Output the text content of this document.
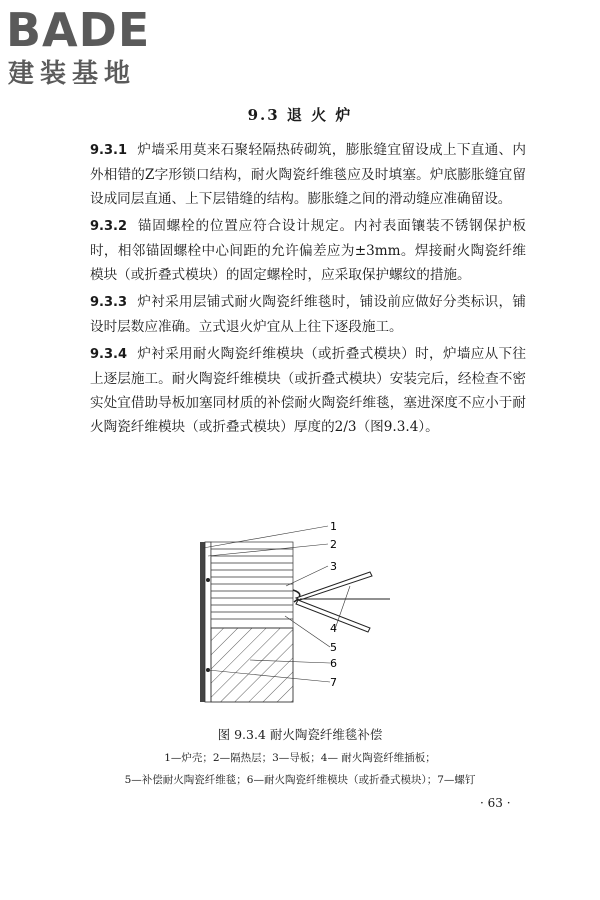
BADE
建装基地
9.3 退 火 炉

9.3.1 炉墙采用莫来石聚轻隔热砖砌筑，膨胀缝宜留设成上下直通、内外相错的Z字形锁口结构，耐火陶瓷纤维毯应及时填塞。炉底膨胀缝宜留设成同层直通、上下层错缝的结构。膨胀缝之间的滑动缝应准确留设。

9.3.2 锚固螺栓的位置应符合设计规定。内衬表面镶装不锈钢保护板时，相邻锚固螺栓中心间距的允许偏差应为±3mm。焊接耐火陶瓷纤维模块（或折叠式模块）的固定螺栓时，应采取保护螺纹的措施。

9.3.3 炉衬采用层铺式耐火陶瓷纤维毯时，铺设前应做好分类标识，铺设时层数应准确。立式退火炉宜从上往下逐段施工。

9.3.4 炉衬采用耐火陶瓷纤维模块（或折叠式模块）时，炉墙应从下往上逐层施工。耐火陶瓷纤维模块（或折叠式模块）安装完后，经检查不密实处宜借助导板加塞同材质的补偿耐火陶瓷纤维毯，塞进深度不应小于耐火陶瓷纤维模块（或折叠式模块）厚度的2/3（图9.3.4）。

1
2
3
4
5
6
7
图 9.3.4 耐火陶瓷纤维毯补偿
1—炉壳；2—隔热层；3—导板；4— 耐火陶瓷纤维插板；
5—补偿耐火陶瓷纤维毯；6—耐火陶瓷纤维模块（或折叠式模块）；7—螺钉
· 63 ·
